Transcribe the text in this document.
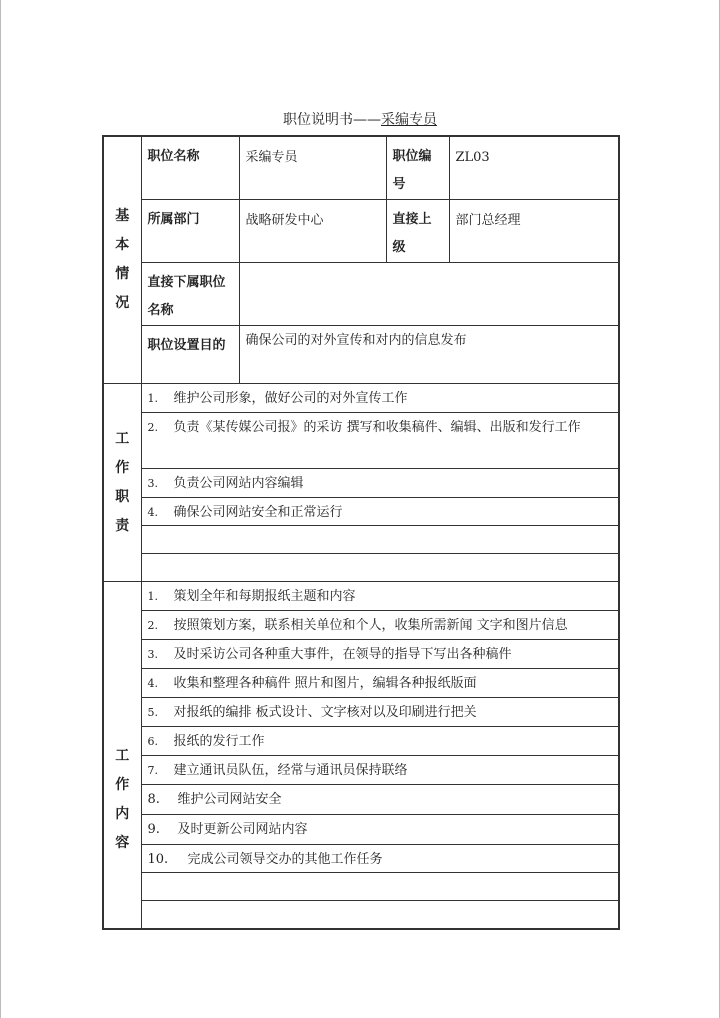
职位说明书——采编专员
基
本
情
况	职位名称	采编专员	职位编号	ZL03
	所属部门	战略研发中心	直接上级	部门总经理
	直接下属职位名称			
	职位设置目的	确保公司的对外宣传和对内的信息发布		

工
作
职
责	1. 维护公司形象，做好公司的对外宣传工作			
	2. 负责《某传媒公司报》的采访 撰写和收集稿件、编辑、出版和发行工作			
	3. 负责公司网站内容编辑			
	4. 确保公司网站安全和正常运行			

工
作
内
容	1. 策划全年和每期报纸主题和内容			
	2. 按照策划方案，联系相关单位和个人，收集所需新闻 文字和图片信息			
	3. 及时采访公司各种重大事件，在领导的指导下写出各种稿件			
	4. 收集和整理各种稿件 照片和图片，编辑各种报纸版面			
	5. 对报纸的编排 板式设计、文字核对以及印刷进行把关			
	6. 报纸的发行工作			
	7. 建立通讯员队伍，经常与通讯员保持联络			
	8. 维护公司网站安全			
	9. 及时更新公司网站内容			
	10. 完成公司领导交办的其他工作任务			
